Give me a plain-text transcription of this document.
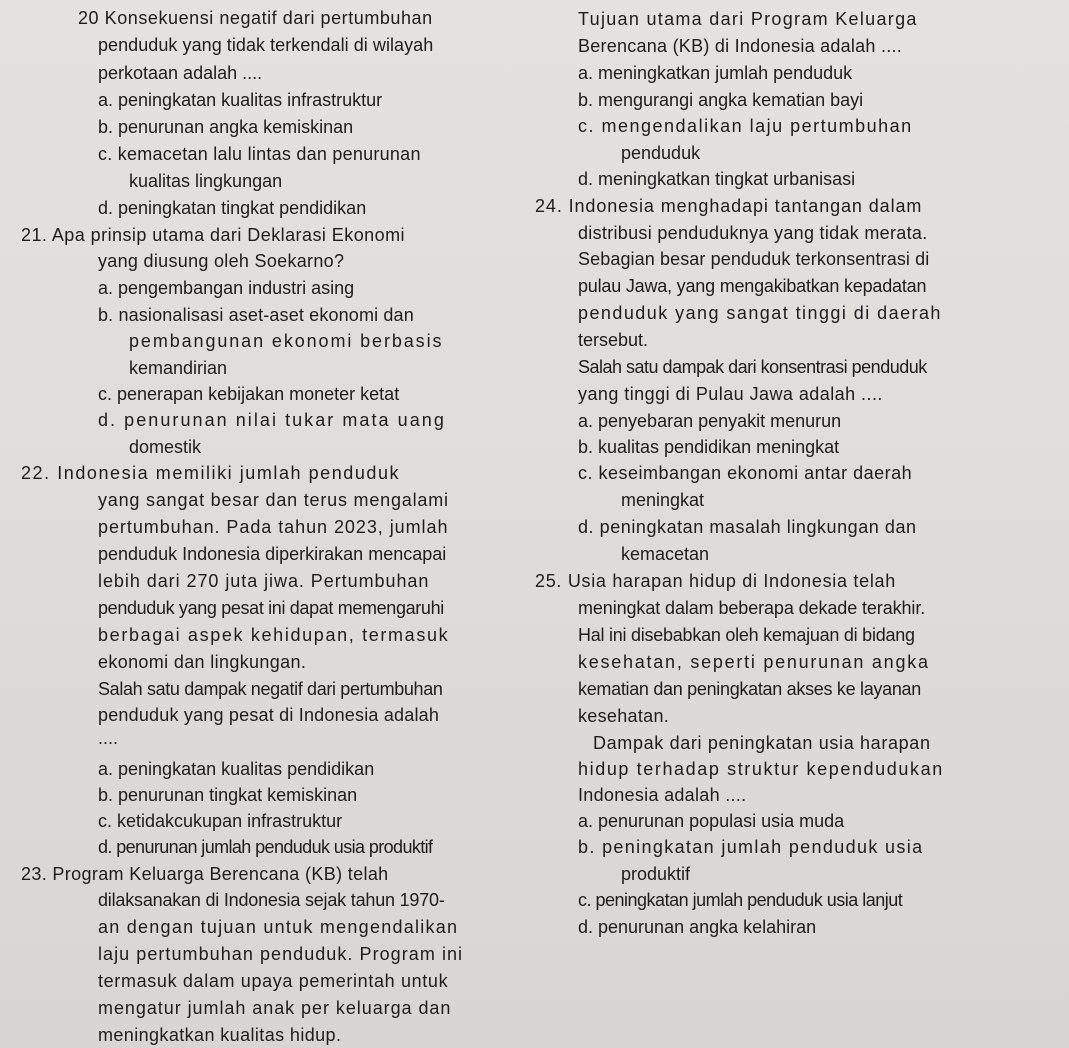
20 Konsekuensi negatif dari pertumbuhan
penduduk yang tidak terkendali di wilayah
perkotaan adalah ....
a. peningkatan kualitas infrastruktur
b. penurunan angka kemiskinan
c. kemacetan lalu lintas dan penurunan
kualitas lingkungan
d. peningkatan tingkat pendidikan
21. Apa prinsip utama dari Deklarasi Ekonomi
yang diusung oleh Soekarno?
a. pengembangan industri asing
b. nasionalisasi aset-aset ekonomi dan
pembangunan ekonomi berbasis
kemandirian
c. penerapan kebijakan moneter ketat
d. penurunan nilai tukar mata uang
domestik
22. Indonesia memiliki jumlah penduduk
yang sangat besar dan terus mengalami
pertumbuhan. Pada tahun 2023, jumlah
penduduk Indonesia diperkirakan mencapai
lebih dari 270 juta jiwa. Pertumbuhan
penduduk yang pesat ini dapat memengaruhi
berbagai aspek kehidupan, termasuk
ekonomi dan lingkungan.
Salah satu dampak negatif dari pertumbuhan
penduduk yang pesat di Indonesia adalah
....
a. peningkatan kualitas pendidikan
b. penurunan tingkat kemiskinan
c. ketidakcukupan infrastruktur
d. penurunan jumlah penduduk usia produktif
23. Program Keluarga Berencana (KB) telah
dilaksanakan di Indonesia sejak tahun 1970-
an dengan tujuan untuk mengendalikan
laju pertumbuhan penduduk. Program ini
termasuk dalam upaya pemerintah untuk
mengatur jumlah anak per keluarga dan
meningkatkan kualitas hidup.
Tujuan utama dari Program Keluarga
Berencana (KB) di Indonesia adalah ....
a. meningkatkan jumlah penduduk
b. mengurangi angka kematian bayi
c. mengendalikan laju pertumbuhan
penduduk
d. meningkatkan tingkat urbanisasi
24. Indonesia menghadapi tantangan dalam
distribusi penduduknya yang tidak merata.
Sebagian besar penduduk terkonsentrasi di
pulau Jawa, yang mengakibatkan kepadatan
penduduk yang sangat tinggi di daerah
tersebut.
Salah satu dampak dari konsentrasi penduduk
yang tinggi di Pulau Jawa adalah ....
a. penyebaran penyakit menurun
b. kualitas pendidikan meningkat
c. keseimbangan ekonomi antar daerah
meningkat
d. peningkatan masalah lingkungan dan
kemacetan
25. Usia harapan hidup di Indonesia telah
meningkat dalam beberapa dekade terakhir.
Hal ini disebabkan oleh kemajuan di bidang
kesehatan, seperti penurunan angka
kematian dan peningkatan akses ke layanan
kesehatan.
Dampak dari peningkatan usia harapan
hidup terhadap struktur kependudukan
Indonesia adalah ....
a. penurunan populasi usia muda
b. peningkatan jumlah penduduk usia
produktif
c. peningkatan jumlah penduduk usia lanjut
d. penurunan angka kelahiran
